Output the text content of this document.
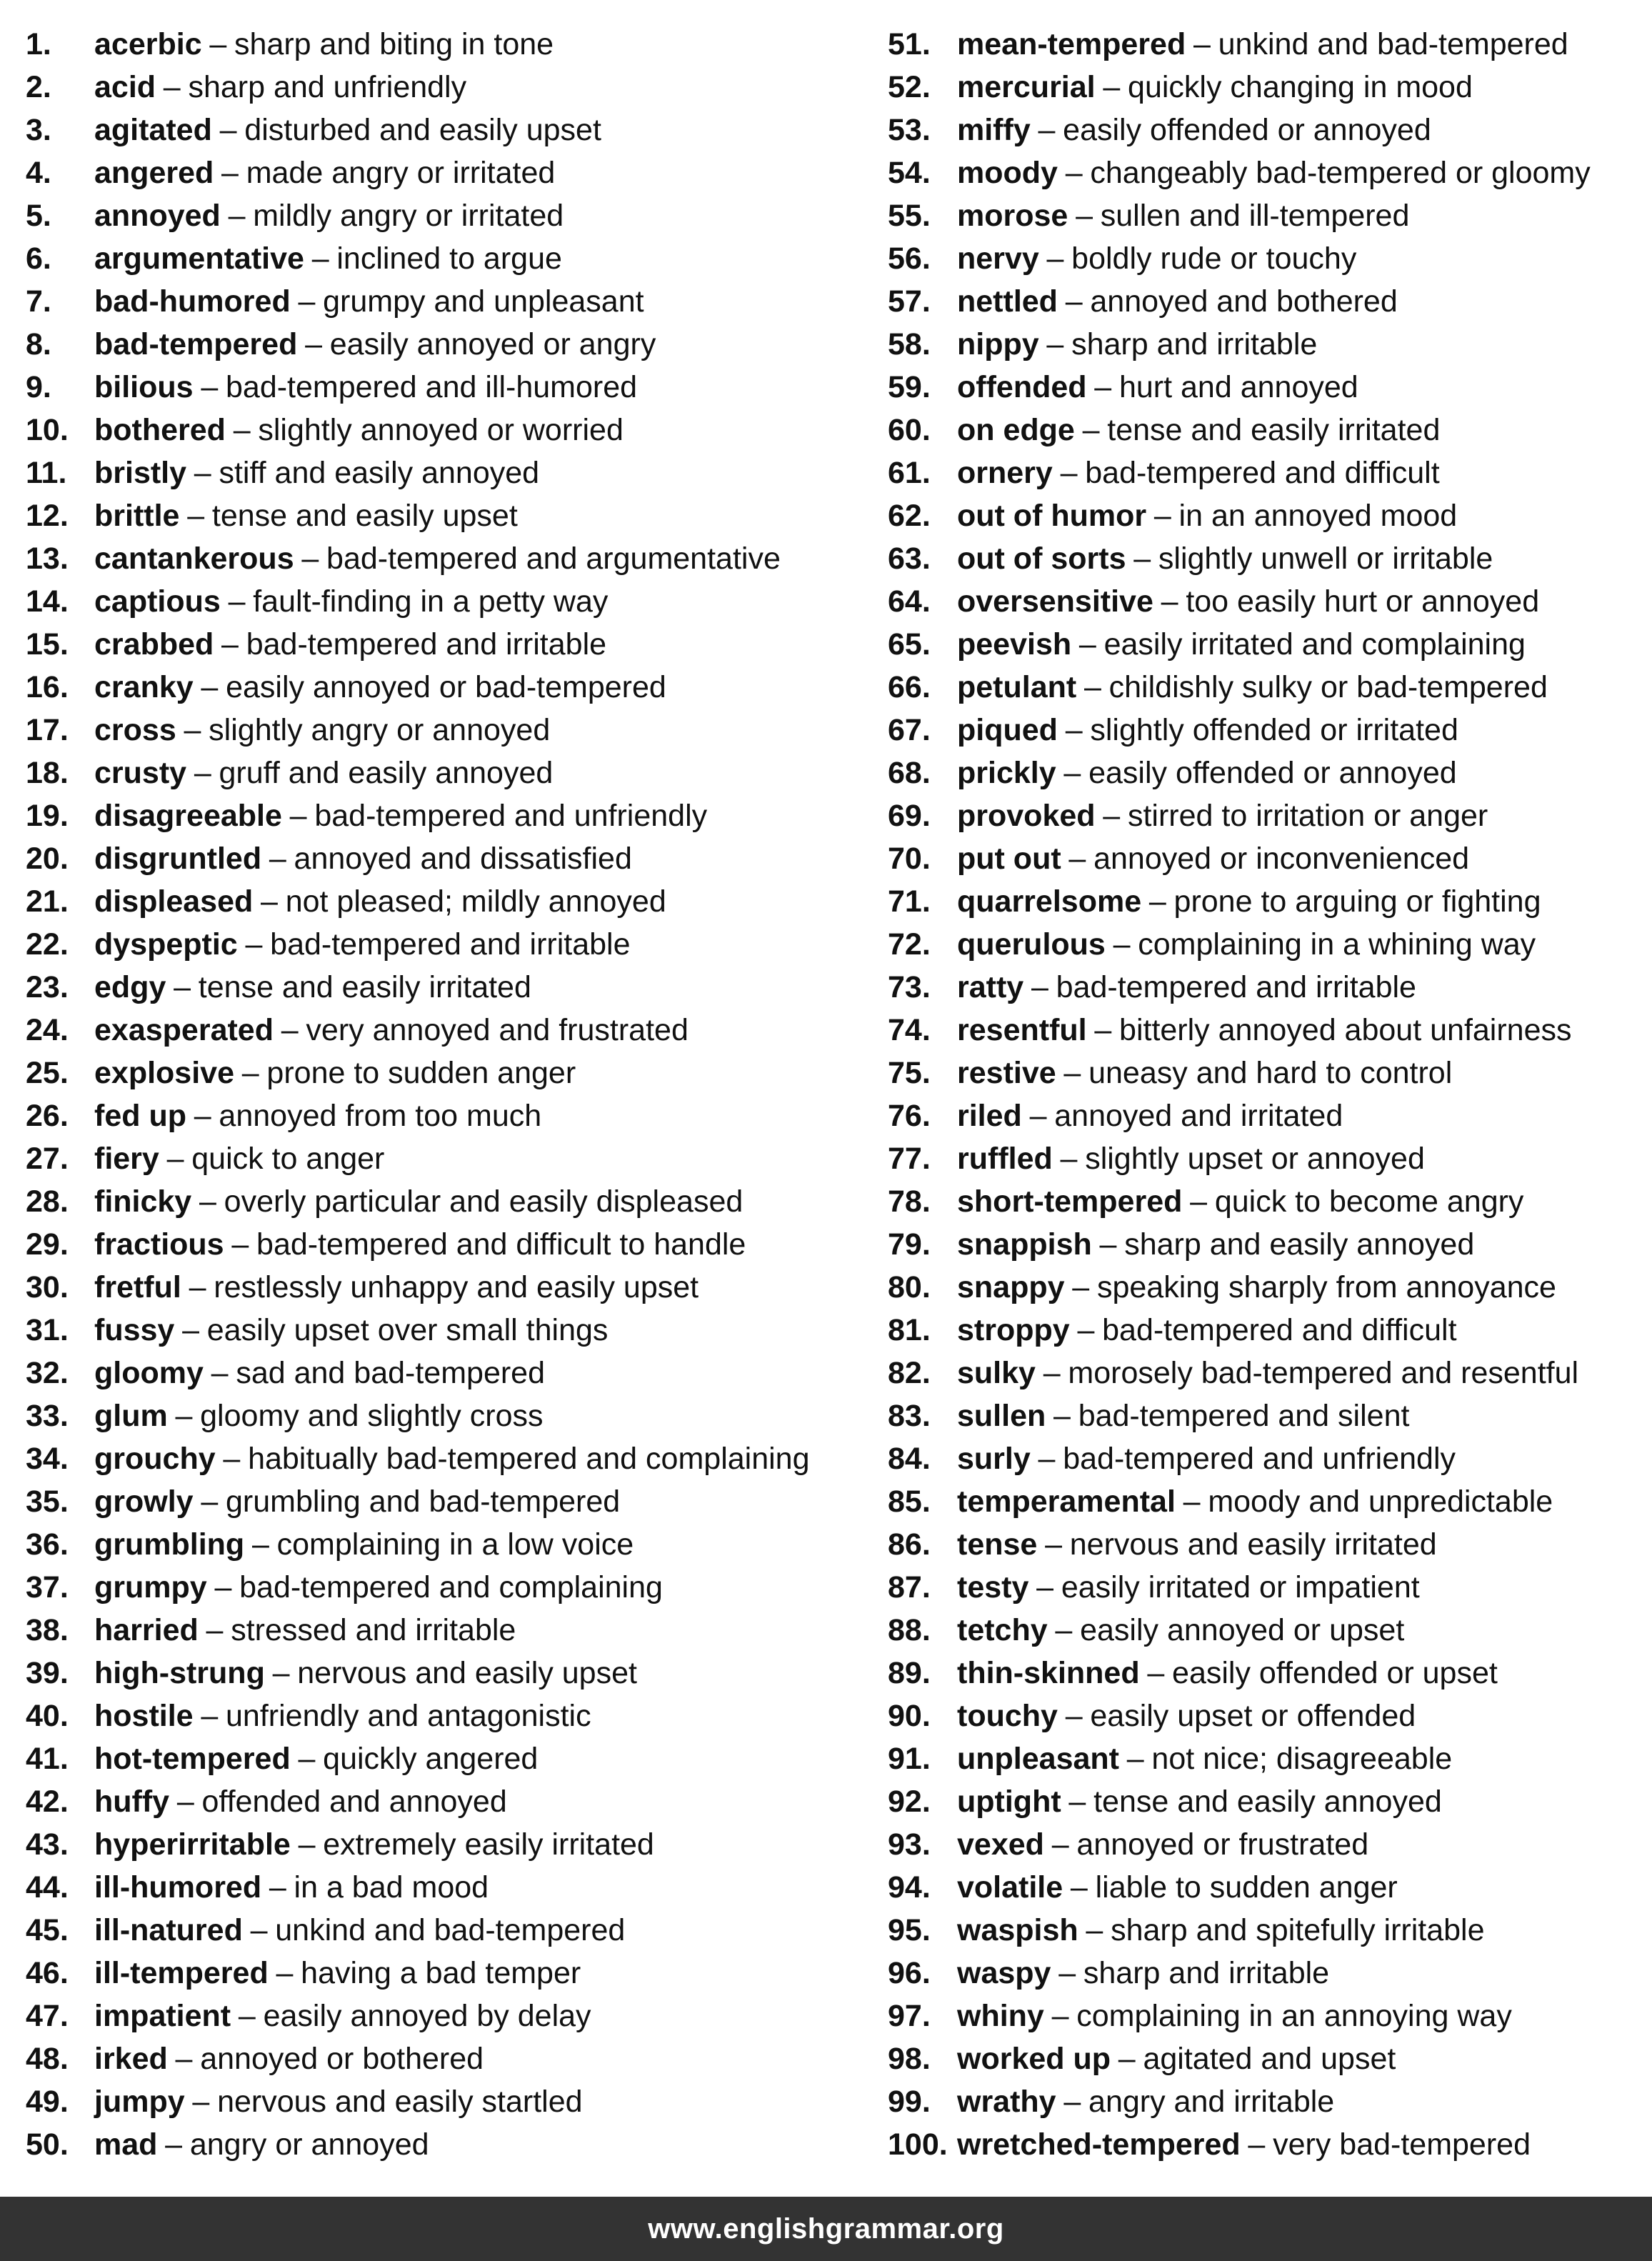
1. acerbic – sharp and biting in tone
2. acid – sharp and unfriendly
3. agitated – disturbed and easily upset
4. angered – made angry or irritated
5. annoyed – mildly angry or irritated
6. argumentative – inclined to argue
7. bad-humored – grumpy and unpleasant
8. bad-tempered – easily annoyed or angry
9. bilious – bad-tempered and ill-humored
10. bothered – slightly annoyed or worried
11. bristly – stiff and easily annoyed
12. brittle – tense and easily upset
13. cantankerous – bad-tempered and argumentative
14. captious – fault-finding in a petty way
15. crabbed – bad-tempered and irritable
16. cranky – easily annoyed or bad-tempered
17. cross – slightly angry or annoyed
18. crusty – gruff and easily annoyed
19. disagreeable – bad-tempered and unfriendly
20. disgruntled – annoyed and dissatisfied
21. displeased – not pleased; mildly annoyed
22. dyspeptic – bad-tempered and irritable
23. edgy – tense and easily irritated
24. exasperated – very annoyed and frustrated
25. explosive – prone to sudden anger
26. fed up – annoyed from too much
27. fiery – quick to anger
28. finicky – overly particular and easily displeased
29. fractious – bad-tempered and difficult to handle
30. fretful – restlessly unhappy and easily upset
31. fussy – easily upset over small things
32. gloomy – sad and bad-tempered
33. glum – gloomy and slightly cross
34. grouchy – habitually bad-tempered and complaining
35. growly – grumbling and bad-tempered
36. grumbling – complaining in a low voice
37. grumpy – bad-tempered and complaining
38. harried – stressed and irritable
39. high-strung – nervous and easily upset
40. hostile – unfriendly and antagonistic
41. hot-tempered – quickly angered
42. huffy – offended and annoyed
43. hyperirritable – extremely easily irritated
44. ill-humored – in a bad mood
45. ill-natured – unkind and bad-tempered
46. ill-tempered – having a bad temper
47. impatient – easily annoyed by delay
48. irked – annoyed or bothered
49. jumpy – nervous and easily startled
50. mad – angry or annoyed
51. mean-tempered – unkind and bad-tempered
52. mercurial – quickly changing in mood
53. miffy – easily offended or annoyed
54. moody – changeably bad-tempered or gloomy
55. morose – sullen and ill-tempered
56. nervy – boldly rude or touchy
57. nettled – annoyed and bothered
58. nippy – sharp and irritable
59. offended – hurt and annoyed
60. on edge – tense and easily irritated
61. ornery – bad-tempered and difficult
62. out of humor – in an annoyed mood
63. out of sorts – slightly unwell or irritable
64. oversensitive – too easily hurt or annoyed
65. peevish – easily irritated and complaining
66. petulant – childishly sulky or bad-tempered
67. piqued – slightly offended or irritated
68. prickly – easily offended or annoyed
69. provoked – stirred to irritation or anger
70. put out – annoyed or inconvenienced
71. quarrelsome – prone to arguing or fighting
72. querulous – complaining in a whining way
73. ratty – bad-tempered and irritable
74. resentful – bitterly annoyed about unfairness
75. restive – uneasy and hard to control
76. riled – annoyed and irritated
77. ruffled – slightly upset or annoyed
78. short-tempered – quick to become angry
79. snappish – sharp and easily annoyed
80. snappy – speaking sharply from annoyance
81. stroppy – bad-tempered and difficult
82. sulky – morosely bad-tempered and resentful
83. sullen – bad-tempered and silent
84. surly – bad-tempered and unfriendly
85. temperamental – moody and unpredictable
86. tense – nervous and easily irritated
87. testy – easily irritated or impatient
88. tetchy – easily annoyed or upset
89. thin-skinned – easily offended or upset
90. touchy – easily upset or offended
91. unpleasant – not nice; disagreeable
92. uptight – tense and easily annoyed
93. vexed – annoyed or frustrated
94. volatile – liable to sudden anger
95. waspish – sharp and spitefully irritable
96. waspy – sharp and irritable
97. whiny – complaining in an annoying way
98. worked up – agitated and upset
99. wrathy – angry and irritable
100. wretched-tempered – very bad-tempered
www.englishgrammar.org
